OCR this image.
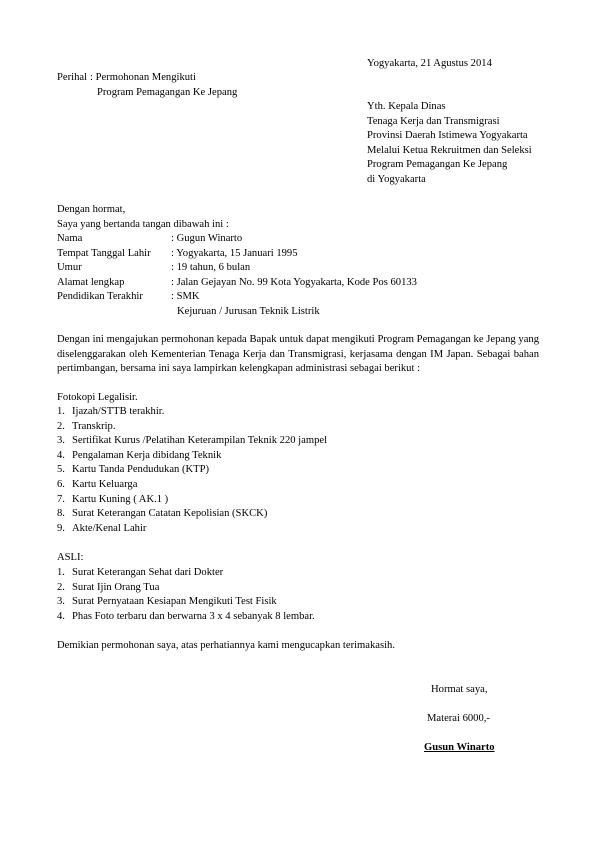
Yogyakarta, 21 Agustus 2014
Perihal : Permohonan Mengikuti
Program Pemagangan Ke Jepang
Yth. Kepala Dinas
Tenaga Kerja dan Transmigrasi
Provinsi Daerah Istimewa Yogyakarta
Melalui Ketua Rekruitmen dan Seleksi
Program Pemagangan Ke Jepang
di Yogyakarta
Dengan hormat,
Saya yang bertanda tangan dibawah ini :
Nama	: Gugun Winarto
Tempat Tanggal Lahir : Yogyakarta, 15 Januari 1995
Umur	: 19 tahun, 6 bulan
Alamat lengkap	: Jalan Gejayan No. 99 Kota Yogyakarta, Kode Pos 60133
Pendidikan Terakhir	: SMK
Kejuruan / Jurusan Teknik Listrik

Dengan ini mengajukan permohonan kepada Bapak untuk dapat mengikuti Program Pemagangan ke Jepang yang diselenggarakan oleh Kementerian Tenaga Kerja dan Transmigrasi, kerjasama dengan IM Japan. Sebagai bahan pertimbangan, bersama ini saya lampirkan kelengkapan administrasi sebagai berikut :

Fotokopi Legalisir.
1. Ijazah/STTB terakhir.
2. Transkrip.
3. Sertifikat Kurus /Pelatihan Keterampilan Teknik 220 jampel
4. Pengalaman Kerja dibidang Teknik
5. Kartu Tanda Pendudukan (KTP)
6. Kartu Keluarga
7. Kartu Kuning ( AK.1 )
8. Surat Keterangan Catatan Kepolisian (SKCK)
9. Akte/Kenal Lahir
ASLI:
1. Surat Keterangan Sehat dari Dokter
2. Surat Ijin Orang Tua
3. Surat Pernyataan Kesiapan Mengikuti Test Fisik
4. Phas Foto terbaru dan berwarna 3 x 4 sebanyak 8 lembar.
Demikian permohonan saya, atas perhatiannya kami mengucapkan terimakasih.
Hormat saya,
Materai 6000,-
Gusun Winarto
